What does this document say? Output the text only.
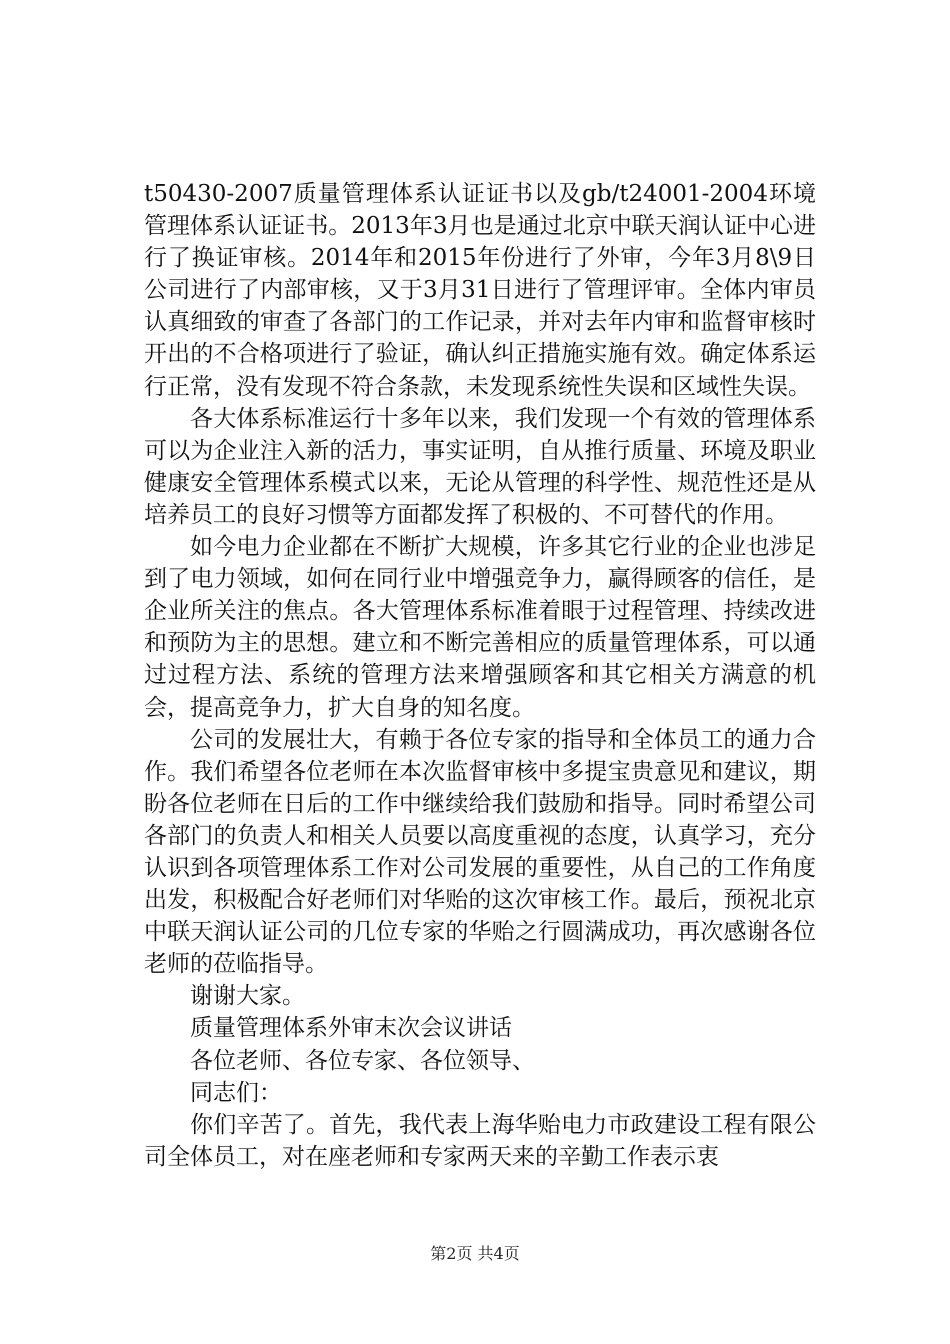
t50430-2007质量管理体系认证证书以及gb/t24001-2004环境管理体系认证证书。2013年3月也是通过北京中联天润认证中心进行了换证审核。2014年和2015年份进行了外审，今年3月8\9日公司进行了内部审核，又于3月31日进行了管理评审。全体内审员认真细致的审查了各部门的工作记录，并对去年内审和监督审核时开出的不合格项进行了验证，确认纠正措施实施有效。确定体系运行正常，没有发现不符合条款，未发现系统性失误和区域性失误。

各大体系标准运行十多年以来，我们发现一个有效的管理体系可以为企业注入新的活力，事实证明，自从推行质量、环境及职业健康安全管理体系模式以来，无论从管理的科学性、规范性还是从培养员工的良好习惯等方面都发挥了积极的、不可替代的作用。

如今电力企业都在不断扩大规模，许多其它行业的企业也涉足到了电力领域，如何在同行业中增强竞争力，赢得顾客的信任，是企业所关注的焦点。各大管理体系标准着眼于过程管理、持续改进和预防为主的思想。建立和不断完善相应的质量管理体系，可以通过过程方法、系统的管理方法来增强顾客和其它相关方满意的机会，提高竞争力，扩大自身的知名度。

公司的发展壮大，有赖于各位专家的指导和全体员工的通力合作。我们希望各位老师在本次监督审核中多提宝贵意见和建议，期盼各位老师在日后的工作中继续给我们鼓励和指导。同时希望公司各部门的负责人和相关人员要以高度重视的态度，认真学习，充分认识到各项管理体系工作对公司发展的重要性，从自己的工作角度出发，积极配合好老师们对华贻的这次审核工作。最后，预祝北京中联天润认证公司的几位专家的华贻之行圆满成功，再次感谢各位老师的莅临指导。

谢谢大家。

质量管理体系外审末次会议讲话

各位老师、各位专家、各位领导、

同志们：

你们辛苦了。首先，我代表上海华贻电力市政建设工程有限公司全体员工，对在座老师和专家两天来的辛勤工作表示衷

第2页 共4页
